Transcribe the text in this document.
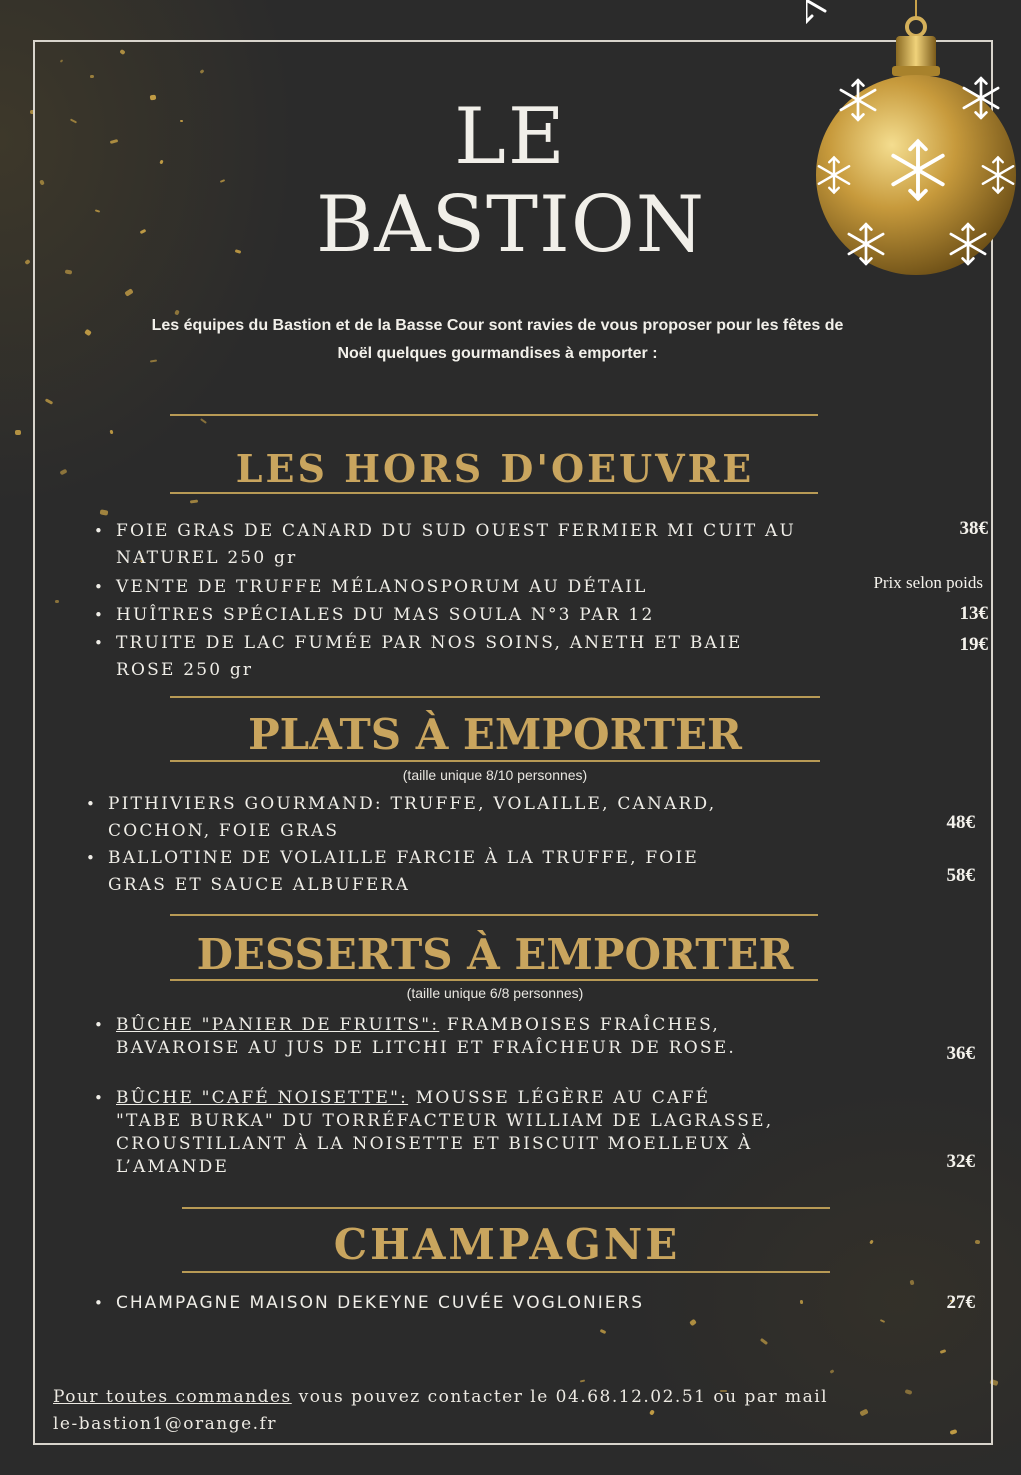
LE
BASTION
Les équipes du Bastion et de la Basse Cour sont ravies de vous proposer pour les fêtes de
Noël quelques gourmandises à emporter :
LES HORS D'OEUVRE
• FOIE GRAS DE CANARD DU SUD OUEST FERMIER MI CUIT AU
NATUREL 250 gr
38€
• VENTE DE TRUFFE MÉLANOSPORUM AU DÉTAIL	Prix selon poids
• HUÎTRES SPÉCIALES DU MAS SOULA N°3 PAR 12	13€
• TRUITE DE LAC FUMÉE PAR NOS SOINS, ANETH ET BAIE
ROSE 250 gr
19€
PLATS À EMPORTER
(taille unique 8/10 personnes)
• PITHIVIERS GOURMAND: TRUFFE, VOLAILLE, CANARD,
COCHON, FOIE GRAS	48€
• BALLOTINE DE VOLAILLE FARCIE À LA TRUFFE, FOIE
GRAS ET SAUCE ALBUFERA	58€
DESSERTS À EMPORTER
(taille unique 6/8 personnes)
• BÛCHE "PANIER DE FRUITS": FRAMBOISES FRAÎCHES,
BAVAROISE AU JUS DE LITCHI ET FRAÎCHEUR DE ROSE.	36€
• BÛCHE "CAFÉ NOISETTE": MOUSSE LÉGÈRE AU CAFÉ
"TABE BURKA" DU TORRÉFACTEUR WILLIAM DE LAGRASSE,
CROUSTILLANT À LA NOISETTE ET BISCUIT MOELLEUX À
L’AMANDE	32€
CHAMPAGNE
• CHAMPAGNE MAISON DEKEYNE CUVÉE VOGLONIERS	27€
Pour toutes commandes vous pouvez contacter le 04.68.12.02.51 ou par mail
le-bastion1@orange.fr
